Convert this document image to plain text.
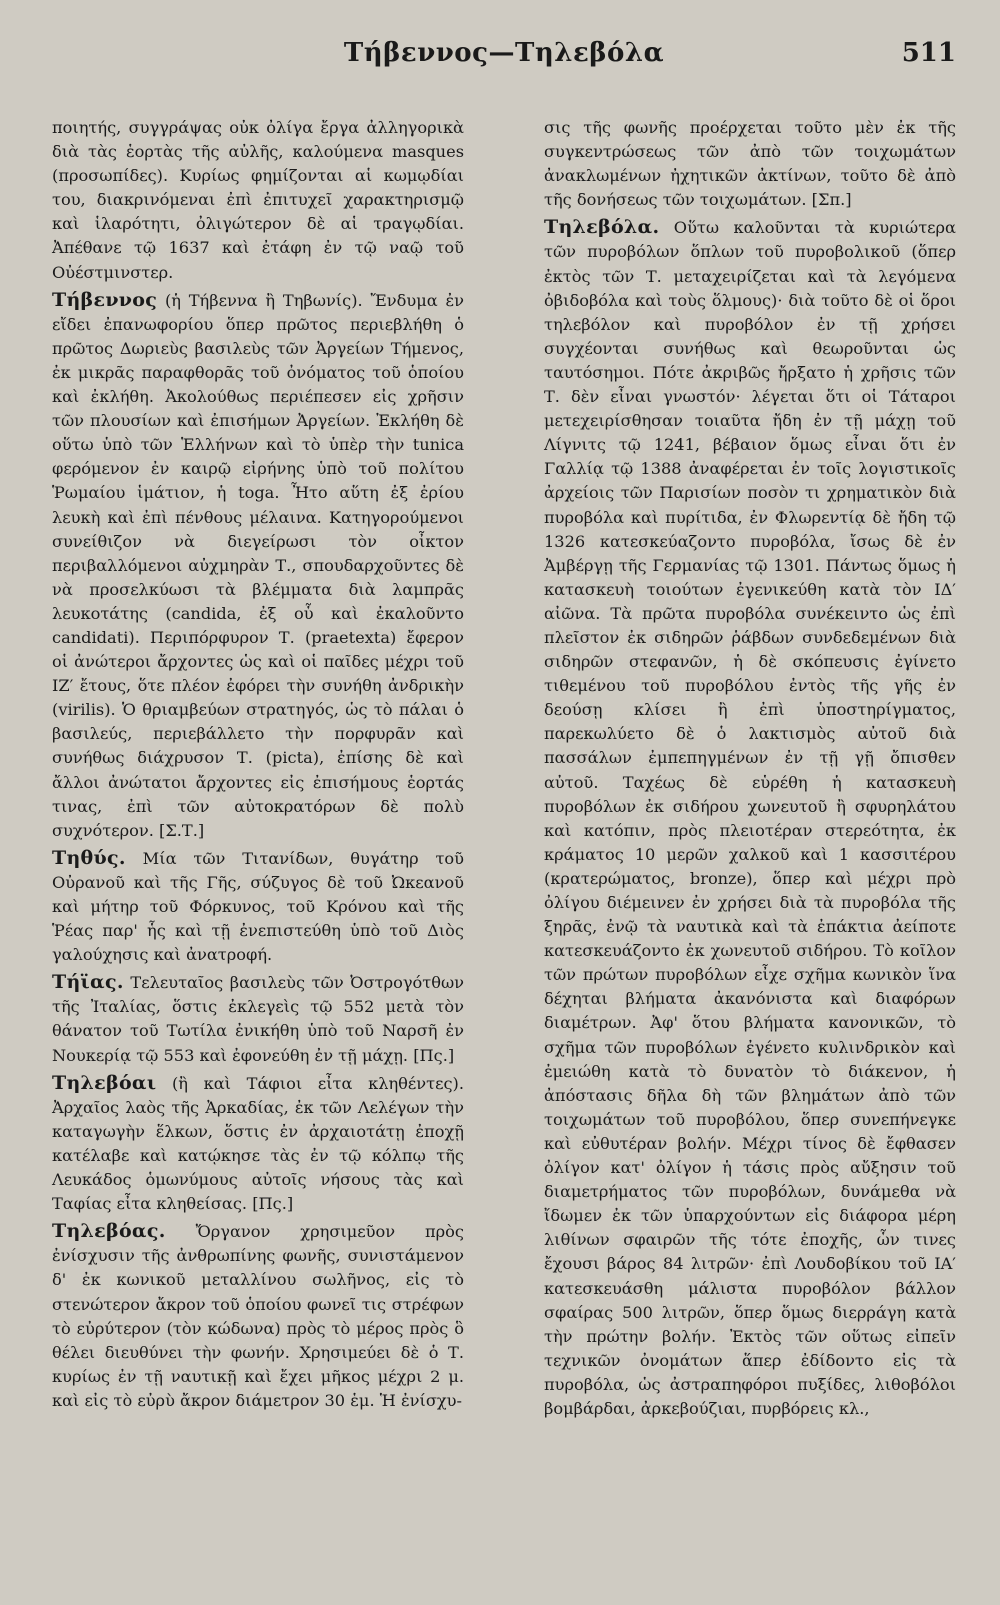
Τήβεννος—Τηλεβόλα	511

ποιητής, συγγράψας οὐκ ὀλίγα ἔργα ἀλληγορικὰ διὰ τὰς ἑορτὰς τῆς αὐλῆς, καλούμενα masques (προσωπίδες). Κυρίως φημίζονται αἱ κωμῳδίαι του, διακρινόμεναι ἐπὶ ἐπιτυχεῖ χαρακτηρισμῷ καὶ ἱλαρότητι, ὀλιγώτερον δὲ αἱ τραγῳδίαι. Ἀπέθανε τῷ 1637 καὶ ἐτάφη ἐν τῷ ναῷ τοῦ Οὐέστμινστερ.

Τήβεννος (ἡ Τήβεννα ἢ Τηβωνίς). Ἔνδυμα ἐν εἴδει ἐπανωφορίου ὅπερ πρῶτος περιεβλήθη ὁ πρῶτος Δωριεὺς βασιλεὺς τῶν Ἀργείων Τήμενος, ἐκ μικρᾶς παραφθορᾶς τοῦ ὀνόματος τοῦ ὁποίου καὶ ἐκλήθη. Ἀκολούθως περιέπεσεν εἰς χρῆσιν τῶν πλουσίων καὶ ἐπισήμων Ἀργείων. Ἐκλήθη δὲ οὕτω ὑπὸ τῶν Ἑλλήνων καὶ τὸ ὑπὲρ τὴν tunica φερόμενον ἐν καιρῷ εἰρήνης ὑπὸ τοῦ πολίτου Ῥωμαίου ἱμάτιον, ἡ toga. Ἦτο αὕτη ἐξ ἐρίου λευκὴ καὶ ἐπὶ πένθους μέλαινα. Κατηγορούμενοι συνείθιζον νὰ διεγείρωσι τὸν οἶκτον περιβαλλόμενοι αὐχμηρὰν Τ., σπουδαρχοῦντες δὲ νὰ προσελκύωσι τὰ βλέμματα διὰ λαμπρᾶς λευκοτάτης (candida, ἐξ οὗ καὶ ἐκαλοῦντο candidati). Περιπόρφυρον Τ. (praetexta) ἔφερον οἱ ἀνώτεροι ἄρχοντες ὡς καὶ οἱ παῖδες μέχρι τοῦ ΙΖ′ ἔτους, ὅτε πλέον ἐφόρει τὴν συνήθη ἀνδρικὴν (virilis). Ὁ θριαμβεύων στρατηγός, ὡς τὸ πάλαι ὁ βασιλεύς, περιεβάλλετο τὴν πορφυρᾶν καὶ συνήθως διάχρυσον Τ. (picta), ἐπίσης δὲ καὶ ἄλλοι ἀνώτατοι ἄρχοντες εἰς ἐπισήμους ἑορτάς τινας, ἐπὶ τῶν αὐτοκρατόρων δὲ πολὺ συχνότερον. [Σ.Τ.]

Τηθύς. Μία τῶν Τιτανίδων, θυγάτηρ τοῦ Οὐρανοῦ καὶ τῆς Γῆς, σύζυγος δὲ τοῦ Ὠκεανοῦ καὶ μήτηρ τοῦ Φόρκυνος, τοῦ Κρόνου καὶ τῆς Ῥέας παρ' ἧς καὶ τῇ ἐνεπιστεύθη ὑπὸ τοῦ Διὸς γαλούχησις καὶ ἀνατροφή.

Τήϊας. Τελευταῖος βασιλεὺς τῶν Ὀστρογότθων τῆς Ἰταλίας, ὅστις ἐκλεγεὶς τῷ 552 μετὰ τὸν θάνατον τοῦ Τωτίλα ἐνικήθη ὑπὸ τοῦ Ναρσῆ ἐν Νουκερίᾳ τῷ 553 καὶ ἐφονεύθη ἐν τῇ μάχῃ. [Πς.]

Τηλεβόαι (ἢ καὶ Τάφιοι εἶτα κληθέντες). Ἀρχαῖος λαὸς τῆς Ἀρκαδίας, ἐκ τῶν Λελέγων τὴν καταγωγὴν ἕλκων, ὅστις ἐν ἀρχαιοτάτῃ ἐποχῇ κατέλαβε καὶ κατῴκησε τὰς ἐν τῷ κόλπῳ τῆς Λευκάδος ὁμωνύμους αὐτοῖς νήσους τὰς καὶ Ταφίας εἶτα κληθείσας. [Πς.]

Τηλεβόας. Ὄργανον χρησιμεῦον πρὸς ἐνίσχυσιν τῆς ἀνθρωπίνης φωνῆς, συνιστάμενον δ' ἐκ κωνικοῦ μεταλλίνου σωλῆνος, εἰς τὸ στενώτερον ἄκρον τοῦ ὁποίου φωνεῖ τις στρέφων τὸ εὐρύτερον (τὸν κώδωνα) πρὸς τὸ μέρος πρὸς ὃ θέλει διευθύνει τὴν φωνήν. Χρησιμεύει δὲ ὁ Τ. κυρίως ἐν τῇ ναυτικῇ καὶ ἔχει μῆκος μέχρι 2 μ. καὶ εἰς τὸ εὐρὺ ἄκρον διάμετρον 30 ἑμ. Ἡ ἐνίσχυ-

σις τῆς φωνῆς προέρχεται τοῦτο μὲν ἐκ τῆς συγκεντρώσεως τῶν ἀπὸ τῶν τοιχωμάτων ἀνακλωμένων ἠχητικῶν ἀκτίνων, τοῦτο δὲ ἀπὸ τῆς δονήσεως τῶν τοιχωμάτων. [Σπ.]

Τηλεβόλα. Οὕτω καλοῦνται τὰ κυριώτερα τῶν πυροβόλων ὅπλων τοῦ πυροβολικοῦ (ὅπερ ἐκτὸς τῶν Τ. μεταχειρίζεται καὶ τὰ λεγόμενα ὀβιδοβόλα καὶ τοὺς ὅλμους)· διὰ τοῦτο δὲ οἱ ὅροι τηλεβόλον καὶ πυροβόλον ἐν τῇ χρήσει συγχέονται συνήθως καὶ θεωροῦνται ὡς ταυτόσημοι. Πότε ἀκριβῶς ἤρξατο ἡ χρῆσις τῶν Τ. δὲν εἶναι γνωστόν· λέγεται ὅτι οἱ Τάταροι μετεχειρίσθησαν τοιαῦτα ἤδη ἐν τῇ μάχῃ τοῦ Λίγνιτς τῷ 1241, βέβαιον ὅμως εἶναι ὅτι ἐν Γαλλίᾳ τῷ 1388 ἀναφέρεται ἐν τοῖς λογιστικοῖς ἀρχείοις τῶν Παρισίων ποσὸν τι χρηματικὸν διὰ πυροβόλα καὶ πυρίτιδα, ἐν Φλωρεντίᾳ δὲ ἤδη τῷ 1326 κατεσκεύαζοντο πυροβόλα, ἴσως δὲ ἐν Ἀμβέργῃ τῆς Γερμανίας τῷ 1301. Πάντως ὅμως ἡ κατασκευὴ τοιούτων ἐγενικεύθη κατὰ τὸν ΙΔ′ αἰῶνα. Τὰ πρῶτα πυροβόλα συνέκειντο ὡς ἐπὶ πλεῖστον ἐκ σιδηρῶν ῥάβδων συνδεδεμένων διὰ σιδηρῶν στεφανῶν, ἡ δὲ σκόπευσις ἐγίνετο τιθεμένου τοῦ πυροβόλου ἐντὸς τῆς γῆς ἐν δεούσῃ κλίσει ἢ ἐπὶ ὑποστηρίγματος, παρεκωλύετο δὲ ὁ λακτισμὸς αὐτοῦ διὰ πασσάλων ἐμπεπηγμένων ἐν τῇ γῇ ὄπισθεν αὐτοῦ. Ταχέως δὲ εὑρέθη ἡ κατασκευὴ πυροβόλων ἐκ σιδήρου χωνευτοῦ ἢ σφυρηλάτου καὶ κατόπιν, πρὸς πλειοτέραν στερεότητα, ἐκ κράματος 10 μερῶν χαλκοῦ καὶ 1 κασσιτέρου (κρατερώματος, bronze), ὅπερ καὶ μέχρι πρὸ ὀλίγου διέμεινεν ἐν χρήσει διὰ τὰ πυροβόλα τῆς ξηρᾶς, ἐνῷ τὰ ναυτικὰ καὶ τὰ ἐπάκτια ἀείποτε κατεσκευάζοντο ἐκ χωνευτοῦ σιδήρου. Τὸ κοῖλον τῶν πρώτων πυροβόλων εἶχε σχῆμα κωνικὸν ἵνα δέχηται βλήματα ἀκανόνιστα καὶ διαφόρων διαμέτρων. Ἀφ' ὅτου βλήματα κανονικῶν, τὸ σχῆμα τῶν πυροβόλων ἐγένετο κυλινδρικὸν καὶ ἐμειώθη κατὰ τὸ δυνατὸν τὸ διάκενον, ἡ ἀπόστασις δῆλα δὴ τῶν βλημάτων ἀπὸ τῶν τοιχωμάτων τοῦ πυροβόλου, ὅπερ συνεπήνεγκε καὶ εὐθυτέραν βολήν. Μέχρι τίνος δὲ ἔφθασεν ὀλίγον κατ' ὀλίγον ἡ τάσις πρὸς αὔξησιν τοῦ διαμετρήματος τῶν πυροβόλων, δυνάμεθα νὰ ἴδωμεν ἐκ τῶν ὑπαρχούντων εἰς διάφορα μέρη λιθίνων σφαιρῶν τῆς τότε ἐποχῆς, ὧν τινες ἔχουσι βάρος 84 λιτρῶν· ἐπὶ Λουδοβίκου τοῦ ΙΑ′ κατεσκευάσθη μάλιστα πυροβόλον βάλλον σφαίρας 500 λιτρῶν, ὅπερ ὅμως διερράγη κατὰ τὴν πρώτην βολήν. Ἐκτὸς τῶν οὕτως εἰπεῖν τεχνικῶν ὀνομάτων ἅπερ ἐδίδοντο εἰς τὰ πυροβόλα, ὡς ἀστραπηφόροι πυξίδες, λιθοβόλοι βομβάρδαι, ἀρκεβούζιαι, πυρβόρεις κλ.,
